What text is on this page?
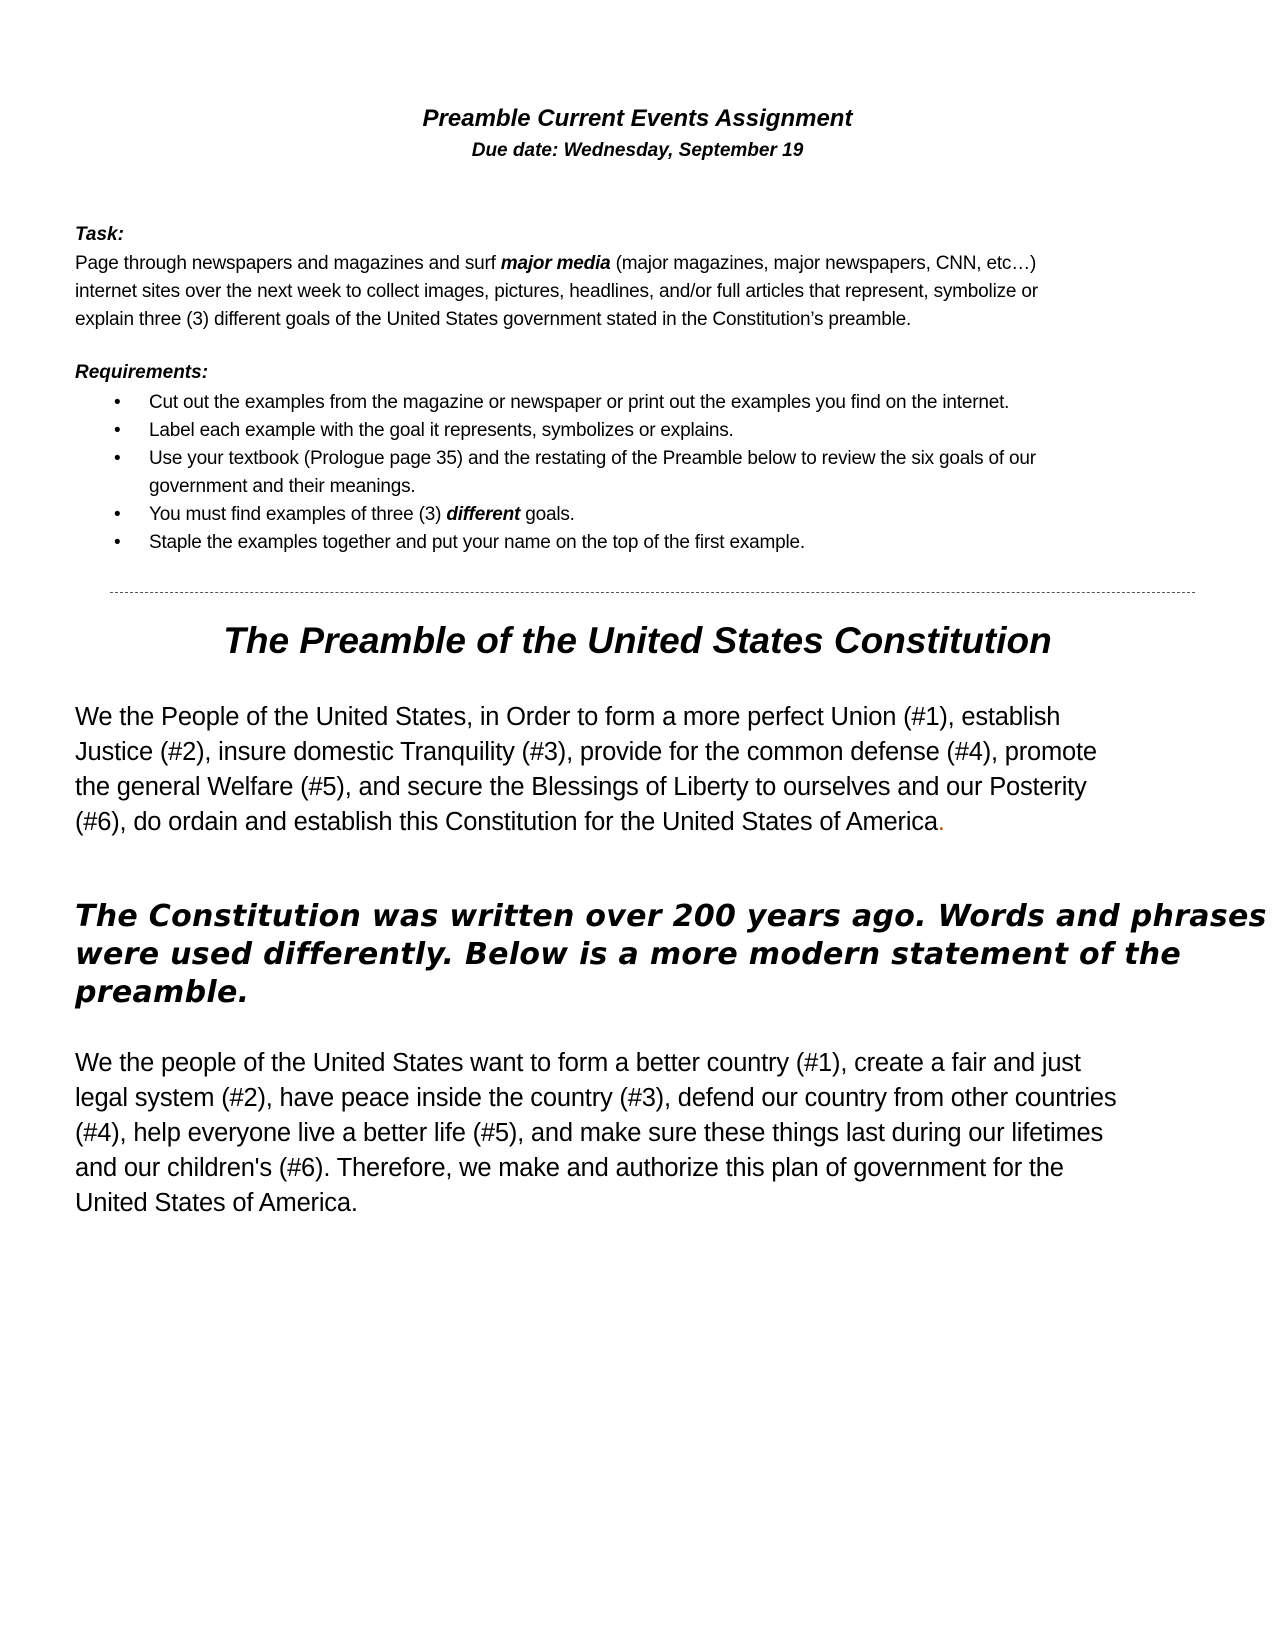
Preamble Current Events Assignment
Due date: Wednesday, September 19
Task:
Page through newspapers and magazines and surf major media (major magazines, major newspapers, CNN, etc…)
internet sites over the next week to collect images, pictures, headlines, and/or full articles that represent, symbolize or
explain three (3) different goals of the United States government stated in the Constitution’s preamble.
Requirements:
• Cut out the examples from the magazine or newspaper or print out the examples you find on the internet.
• Label each example with the goal it represents, symbolizes or explains.
• Use your textbook (Prologue page 35) and the restating of the Preamble below to review the six goals of our
government and their meanings.
• You must find examples of three (3) different goals.
• Staple the examples together and put your name on the top of the first example.
The Preamble of the United States Constitution
We the People of the United States, in Order to form a more perfect Union (#1), establish
Justice (#2), insure domestic Tranquility (#3), provide for the common defense (#4), promote
the general Welfare (#5), and secure the Blessings of Liberty to ourselves and our Posterity
(#6), do ordain and establish this Constitution for the United States of America.
The Constitution was written over 200 years ago. Words and phrases
were used differently. Below is a more modern statement of the
preamble.
We the people of the United States want to form a better country (#1), create a fair and just
legal system (#2), have peace inside the country (#3), defend our country from other countries
(#4), help everyone live a better life (#5), and make sure these things last during our lifetimes
and our children's (#6). Therefore, we make and authorize this plan of government for the
United States of America.
